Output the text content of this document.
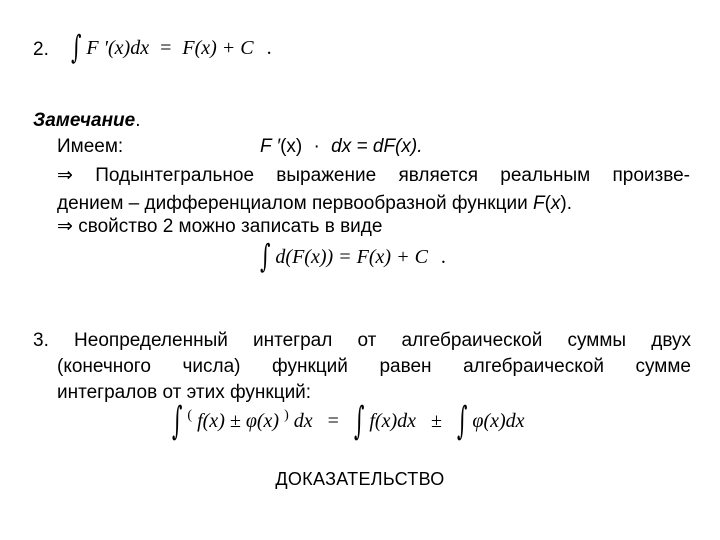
2. ∫ F ′(x)dx = F(x) + C .
Замечание.
Имеем:	F ′(x) · dx = dF(x).
⇒ Подынтегральное выражение является реальным произве-
дением – дифференциалом первообразной функции F(x).
⇒ свойство 2 можно записать в виде
∫ d(F(x)) = F(x) + C .
3. Неопределенный интеграл от алгебраической суммы двух
(конечного числа) функций равен алгебраической сумме
интегралов от этих функций:
∫ ( f(x) ± φ(x) ) dx = ∫ f(x)dx ± ∫ φ(x)dx
ДОКАЗАТЕЛЬСТВО
